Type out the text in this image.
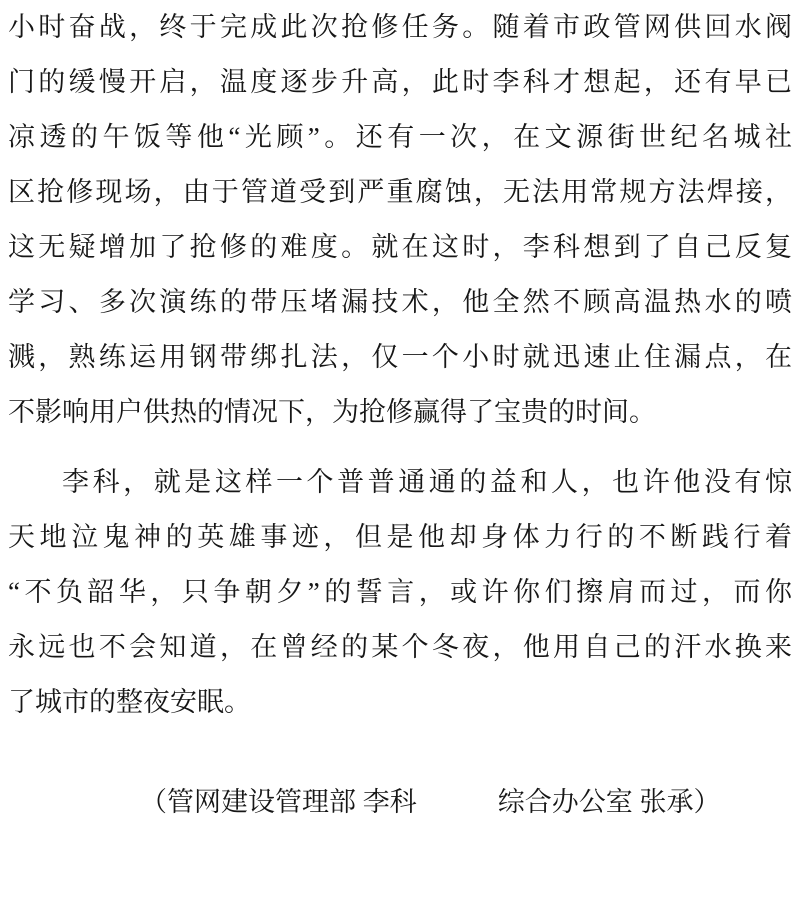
小时奋战，终于完成此次抢修任务。随着市政管网供回水阀
门的缓慢开启，温度逐步升高，此时李科才想起，还有早已
凉透的午饭等他“光顾”。还有一次，在文源街世纪名城社
区抢修现场，由于管道受到严重腐蚀，无法用常规方法焊接，
这无疑增加了抢修的难度。就在这时，李科想到了自己反复
学习、多次演练的带压堵漏技术，他全然不顾高温热水的喷
溅，熟练运用钢带绑扎法，仅一个小时就迅速止住漏点，在
不影响用户供热的情况下，为抢修赢得了宝贵的时间。
李科，就是这样一个普普通通的益和人，也许他没有惊
天地泣鬼神的英雄事迹，但是他却身体力行的不断践行着
“不负韶华，只争朝夕”的誓言，或许你们擦肩而过，而你
永远也不会知道，在曾经的某个冬夜，他用自己的汗水换来
了城市的整夜安眠。
（管网建设管理部 李科　　　综合办公室 张承）
